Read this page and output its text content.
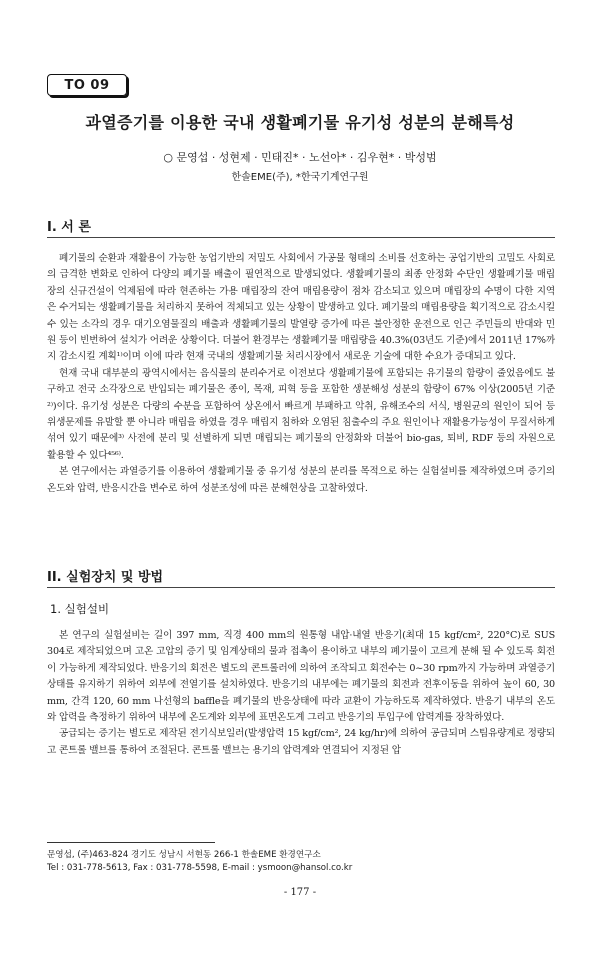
TO 09
과열증기를 이용한 국내 생활폐기물 유기성 성분의 분해특성
○ 문영섭 · 성현제 · 민태진* · 노선아* · 김우현* · 박성범
한솔EME(주), *한국기계연구원
I. 서 론

폐기물의 순환과 재활용이 가능한 농업기반의 저밀도 사회에서 가공물 형태의 소비를 선호하는 공업기반의 고밀도 사회로의 급격한 변화로 인하여 다양의 폐기물 배출이 필연적으로 발생되었다. 생활폐기물의 최종 안정화 수단인 생활폐기물 매립장의 신규건설이 억제됨에 따라 현존하는 가용 매립장의 잔여 매립용량이 점차 감소되고 있으며 매립장의 수명이 다한 지역은 수거되는 생활폐기물을 처리하지 못하여 적체되고 있는 상황이 발생하고 있다. 폐기물의 매립용량을 획기적으로 감소시킬 수 있는 소각의 경우 대기오염물질의 배출과 생활폐기물의 발열량 증가에 따른 불안정한 운전으로 인근 주민들의 반대와 민원 등이 빈번하여 설치가 어려운 상황이다. 더불어 환경부는 생활폐기물 매립량을 40.3%(03년도 기준)에서 2011년 17%까지 감소시킬 계획¹⁾이며 이에 따라 현재 국내의 생활폐기물 처리시장에서 새로운 기술에 대한 수요가 증대되고 있다.

현재 국내 대부분의 광역시에서는 음식물의 분리수거로 이전보다 생활폐기물에 포함되는 유기물의 함량이 줄었음에도 불구하고 전국 소각장으로 반입되는 폐기물은 종이, 목재, 피혁 등을 포함한 생분해성 성분의 함량이 67% 이상(2005년 기준²⁾)이다. 유기성 성분은 다량의 수분을 포함하여 상온에서 빠르게 부패하고 악취, 유해조수의 서식, 병원균의 원인이 되어 등 위생문제를 유발할 뿐 아니라 매립을 하였을 경우 매립지 침하와 오염된 침출수의 주요 원인이나 재활용가능성이 무질서하게 섞여 있기 때문에³⁾ 사전에 분리 및 선별하게 되면 매립되는 폐기물의 안정화와 더불어 bio-gas, 퇴비, RDF 등의 자원으로 활용할 수 있다⁴⁵⁶⁾.

본 연구에서는 과열증기를 이용하여 생활폐기물 중 유기성 성분의 분리를 목적으로 하는 실험설비를 제작하였으며 증기의 온도와 압력, 반응시간을 변수로 하여 성분조성에 따른 분해현상을 고찰하였다.

II. 실험장치 및 방법
1. 실험설비

본 연구의 실험설비는 길이 397 mm, 직경 400 mm의 원통형 내압·내열 반응기(최대 15 kgf/cm², 220°C)로 SUS 304로 제작되었으며 고온 고압의 증기 및 임계상태의 물과 접촉이 용이하고 내부의 폐기물이 고르게 분해 될 수 있도록 회전이 가능하게 제작되었다. 반응기의 회전은 별도의 콘트롤러에 의하여 조작되고 회전수는 0~30 rpm까지 가능하며 과열증기 상태를 유지하기 위하여 외부에 전열기를 설치하였다. 반응기의 내부에는 폐기물의 회전과 전후이동을 위하여 높이 60, 30 mm, 간격 120, 60 mm 나선형의 baffle을 폐기물의 반응상태에 따라 교환이 가능하도록 제작하였다. 반응기 내부의 온도와 압력을 측정하기 위하여 내부에 온도계와 외부에 표면온도계 그리고 반응기의 투입구에 압력계를 장착하였다.

공급되는 증기는 별도로 제작된 전기식보일러(발생압력 15 kgf/cm², 24 kg/hr)에 의하여 공급되며 스팀유량계로 정량되고 콘트롤 밸브를 통하여 조절된다. 콘트롤 밸브는 용기의 압력계와 연결되어 지정된 압

문영섭, (주)463-824 경기도 성남시 서현동 266-1 한솔EME 환경연구소
Tel : 031-778-5613, Fax : 031-778-5598, E-mail : ysmoon@hansol.co.kr
- 177 -
